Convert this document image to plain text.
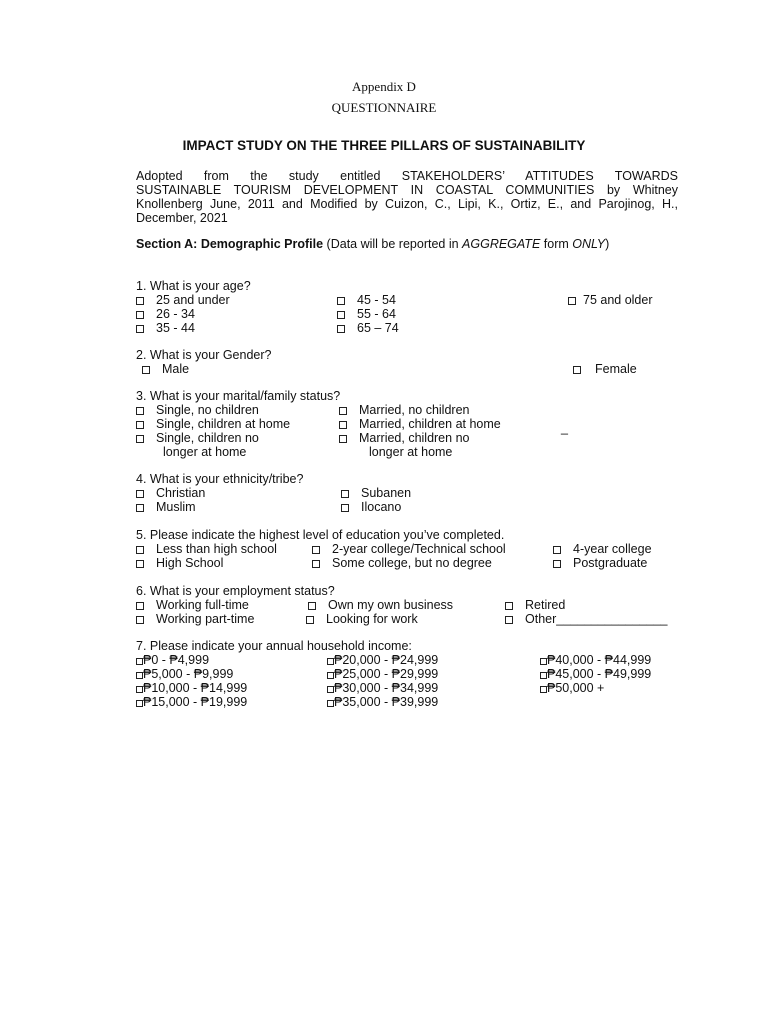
Appendix D
QUESTIONNAIRE
IMPACT STUDY ON THE THREE PILLARS OF SUSTAINABILITY
Adopted from the study entitled STAKEHOLDERS’ ATTITUDES TOWARDS
SUSTAINABLE TOURISM DEVELOPMENT IN COASTAL COMMUNITIES by Whitney
Knollenberg June, 2011 and Modified by Cuizon, C., Lipi, K., Ortiz, E., and Parojinog, H.,
December, 2021
Section A: Demographic Profile (Data will be reported in AGGREGATE form ONLY)
1. What is your age?
25 and under
26 - 34
35 - 44
45 - 54
55 - 64
65 – 74
75 and older
2. What is your Gender?
Male	Female
3. What is your marital/family status?
Single, no children
Single, children at home
Single, children no
longer at home
Married, no children
Married, children at home
Married, children no
longer at home
_
4. What is your ethnicity/tribe?
Christian
Muslim
Subanen
Ilocano
5. Please indicate the highest level of education you’ve completed.
Less than high school
High School
2-year college/Technical school
Some college, but no degree
4-year college
Postgraduate
6. What is your employment status?
Working full-time
Working part-time
Own my own business
Looking for work
Retired
Other________________
7. Please indicate your annual household income:
₱0 - ₱4,999
₱5,000 - ₱9,999
₱10,000 - ₱14,999
₱15,000 - ₱19,999
₱20,000 - ₱24,999
₱25,000 - ₱29,999
₱30,000 - ₱34,999
₱35,000 - ₱39,999
₱40,000 - ₱44,999
₱45,000 - ₱49,999
₱50,000 +
